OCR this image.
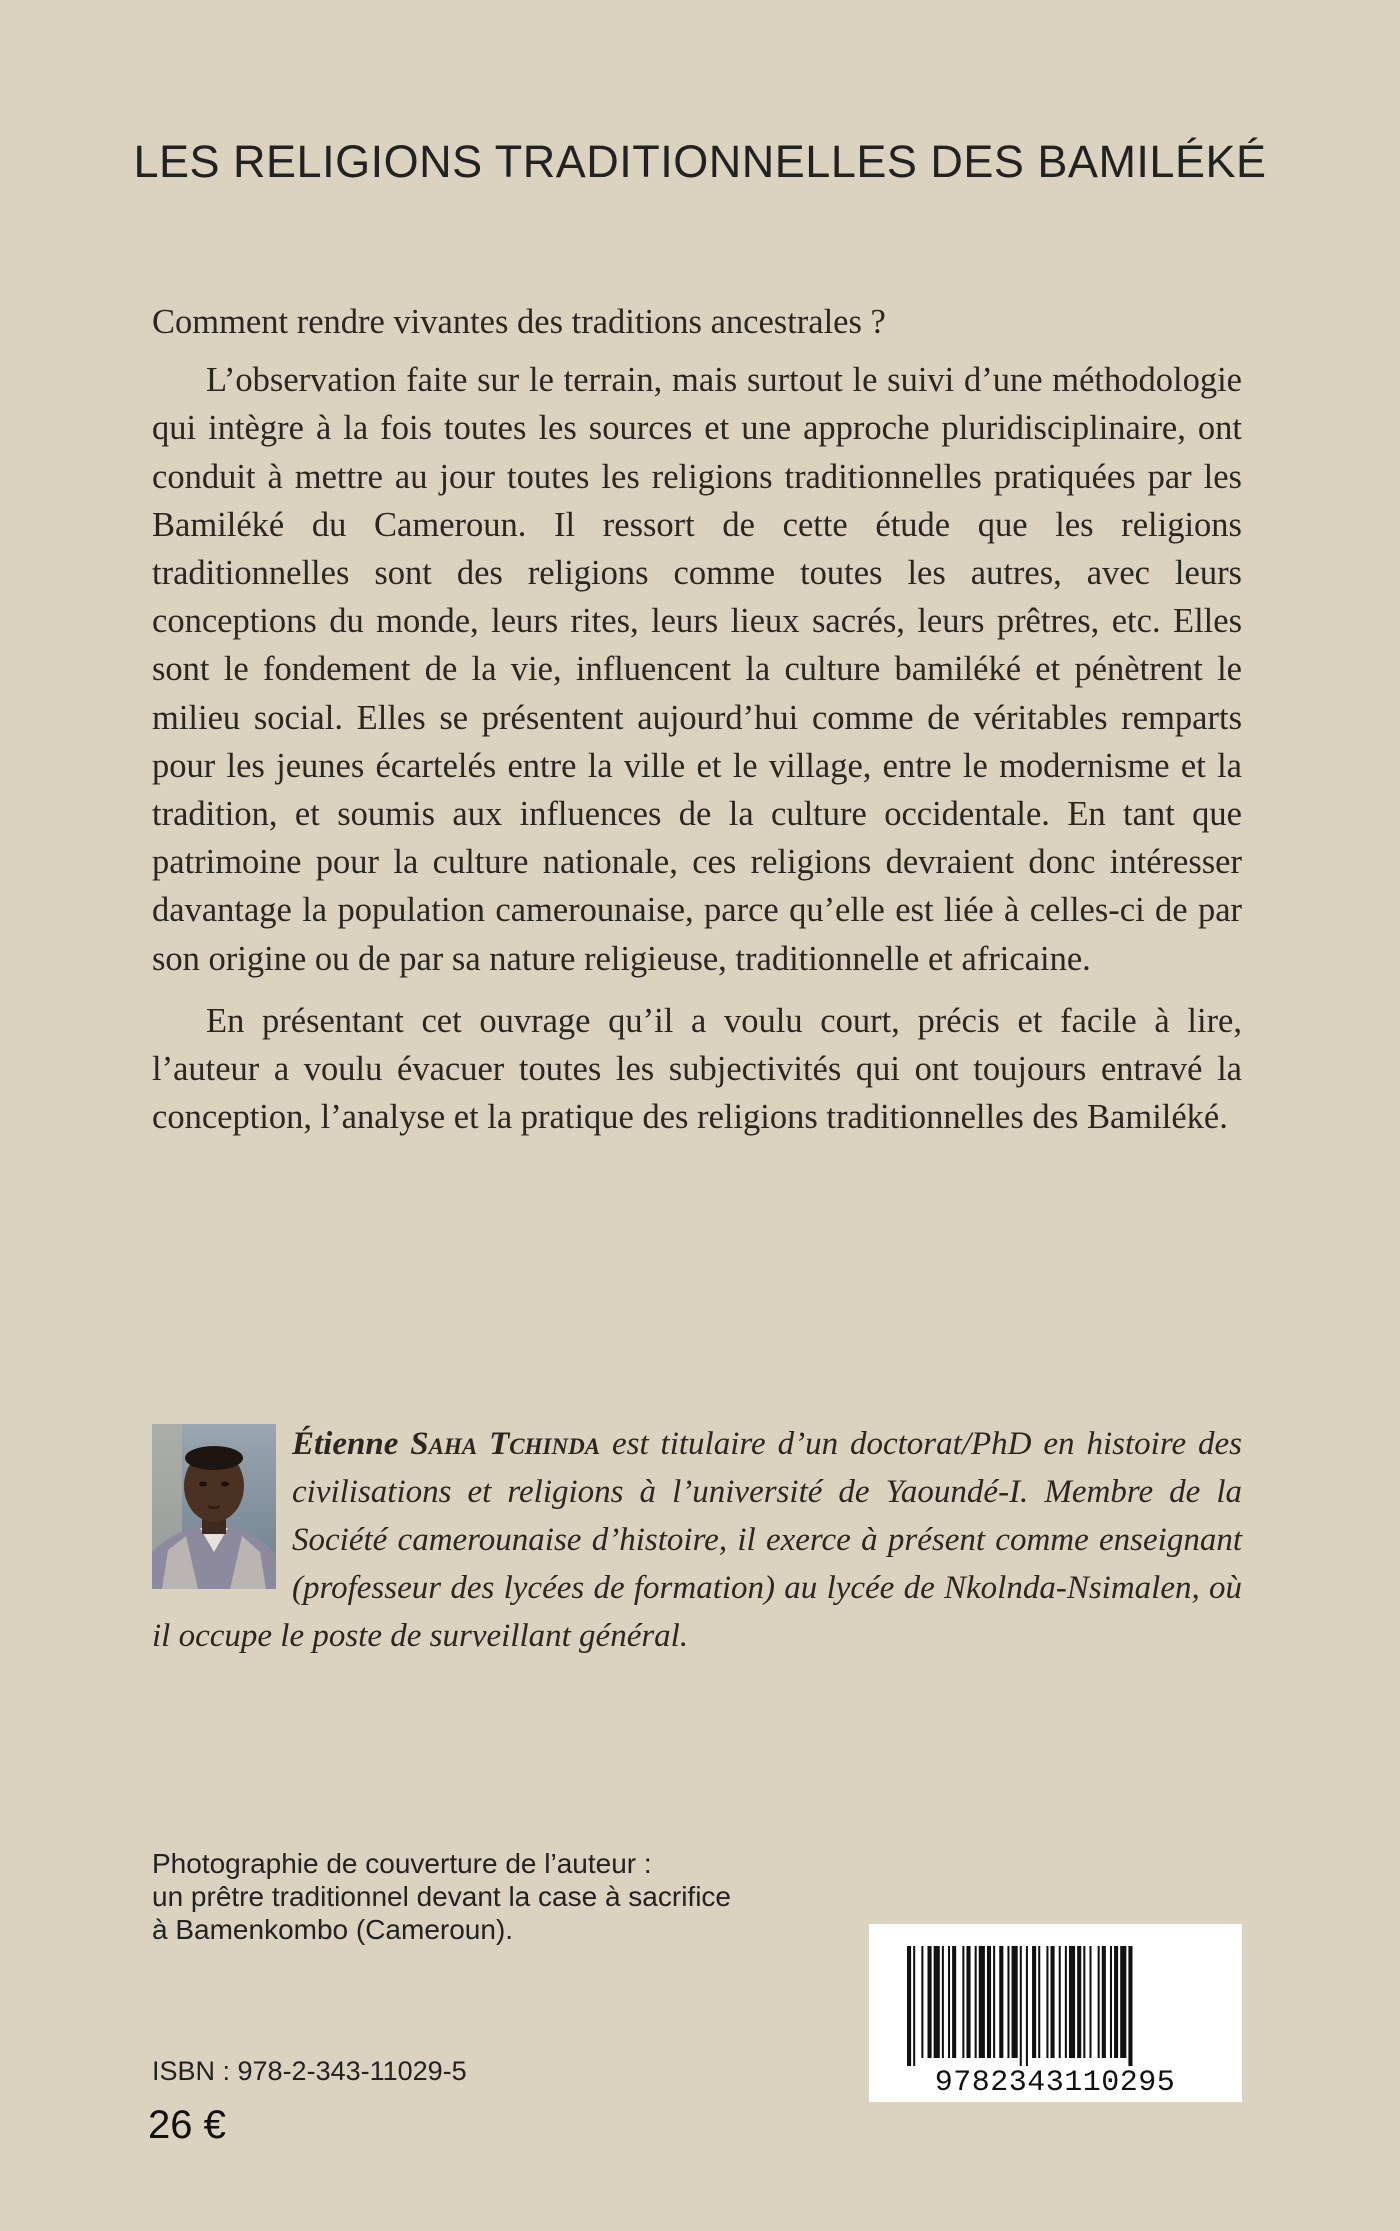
LES RELIGIONS TRADITIONNELLES DES BAMILÉKÉ

Comment rendre vivantes des traditions ancestrales ?

L’observation faite sur le terrain, mais surtout le suivi d’une méthodologie qui intègre à la fois toutes les sources et une approche pluridisciplinaire, ont conduit à mettre au jour toutes les religions traditionnelles pratiquées par les Bamiléké du Cameroun. Il ressort de cette étude que les religions traditionnelles sont des religions comme toutes les autres, avec leurs conceptions du monde, leurs rites, leurs lieux sacrés, leurs prêtres, etc. Elles sont le fondement de la vie, influencent la culture bamiléké et pénètrent le milieu social. Elles se présentent aujourd’hui comme de véritables remparts pour les jeunes écartelés entre la ville et le village, entre le modernisme et la tradition, et soumis aux influences de la culture occidentale. En tant que patrimoine pour la culture nationale, ces religions devraient donc intéresser davantage la population camerounaise, parce qu’elle est liée à celles-ci de par son origine ou de par sa nature religieuse, traditionnelle et africaine.

En présentant cet ouvrage qu’il a voulu court, précis et facile à lire, l’auteur a voulu évacuer toutes les subjectivités qui ont toujours entravé la conception, l’analyse et la pratique des religions traditionnelles des Bamiléké.

Étienne Saha Tchinda est titulaire d’un doctorat/PhD en histoire des civilisations et religions à l’université de Yaoundé-I. Membre de la Société camerounaise d’histoire, il exerce à présent comme enseignant (professeur des lycées de formation) au lycée de Nkolnda-Nsimalen, où il occupe le poste de surveillant général.
Photographie de couverture de l’auteur :
un prêtre traditionnel devant la case à sacrifice
à Bamenkombo (Cameroun).
9782343110295
ISBN : 978-2-343-11029-5
26 €
